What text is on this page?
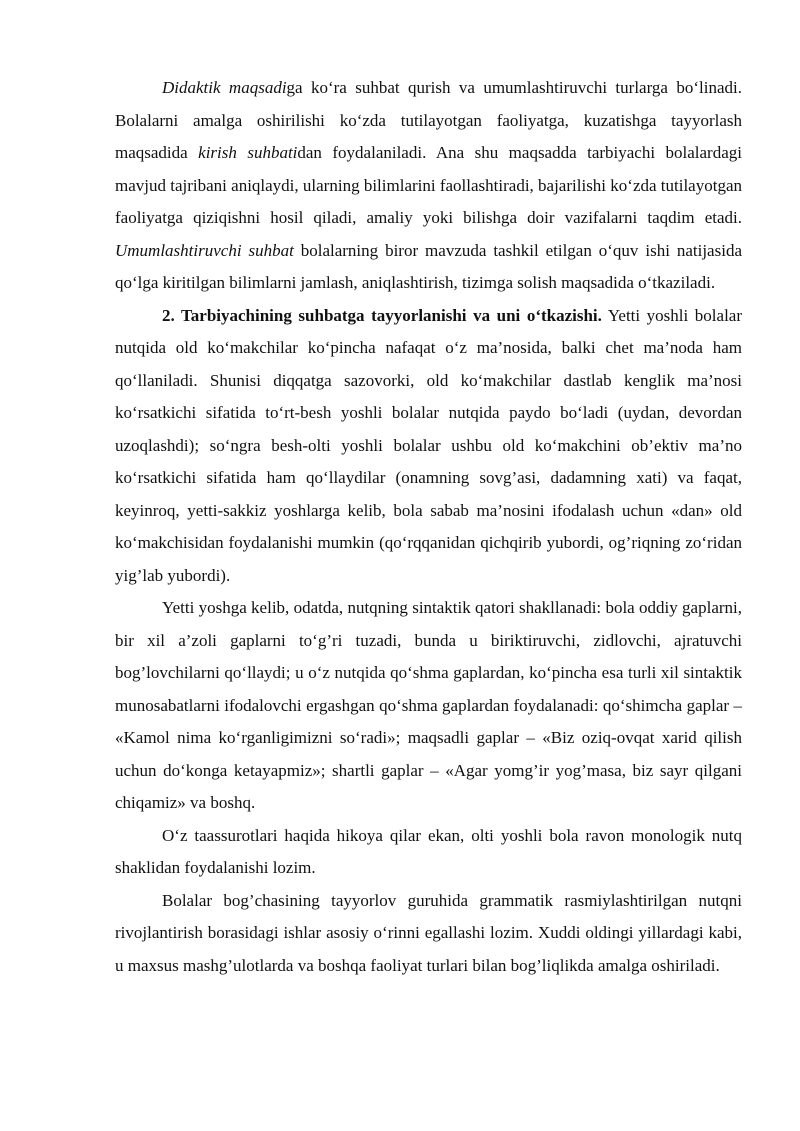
Didaktik maqsadiga ko‘ra suhbat qurish va umumlashtiruvchi turlarga bo‘linadi. Bolalarni amalga oshirilishi ko‘zda tutilayotgan faoliyatga, kuzatishga tayyorlash maqsadida kirish suhbatidan foydalaniladi. Ana shu maqsadda tarbiyachi bolalardagi mavjud tajribani aniqlaydi, ularning bilimlarini faollashtiradi, bajarilishi ko‘zda tutilayotgan faoliyatga qiziqishni hosil qiladi, amaliy yoki bilishga doir vazifalarni taqdim etadi. Umumlashtiruvchi suhbat bolalarning biror mavzuda tashkil etilgan o‘quv ishi natijasida qo‘lga kiritilgan bilimlarni jamlash, aniqlashtirish, tizimga solish maqsadida o‘tkaziladi.

2. Tarbiyachining suhbatga tayyorlanishi va uni o‘tkazishi. Yetti yoshli bolalar nutqida old ko‘makchilar ko‘pincha nafaqat o‘z ma’nosida, balki chet ma’noda ham qo‘llaniladi. Shunisi diqqatga sazovorki, old ko‘makchilar dastlab kenglik ma’nosi ko‘rsatkichi sifatida to‘rt-besh yoshli bolalar nutqida paydo bo‘ladi (uydan, devordan uzoqlashdi); so‘ngra besh-olti yoshli bolalar ushbu old ko‘makchini ob’ektiv ma’no ko‘rsatkichi sifatida ham qo‘llaydilar (onamning sovg’asi, dadamning xati) va faqat, keyinroq, yetti-sakkiz yoshlarga kelib, bola sabab ma’nosini ifodalash uchun «dan» old ko‘makchisidan foydalanishi mumkin (qo‘rqqanidan qichqirib yubordi, og’riqning zo‘ridan yig’lab yubordi).

Yetti yoshga kelib, odatda, nutqning sintaktik qatori shakllanadi: bola oddiy gaplarni, bir xil a’zoli gaplarni to‘g’ri tuzadi, bunda u biriktiruvchi, zidlovchi, ajratuvchi bog’lovchilarni qo‘llaydi; u o‘z nutqida qo‘shma gaplardan, ko‘pincha esa turli xil sintaktik munosabatlarni ifodalovchi ergashgan qo‘shma gaplardan foydalanadi: qo‘shimcha gaplar – «Kamol nima ko‘rganligimizni so‘radi»; maqsadli gaplar – «Biz oziq-ovqat xarid qilish uchun do‘konga ketayapmiz»; shartli gaplar – «Agar yomg’ir yog’masa, biz sayr qilgani chiqamiz» va boshq.

O‘z taassurotlari haqida hikoya qilar ekan, olti yoshli bola ravon monologik nutq shaklidan foydalanishi lozim.

Bolalar bog’chasining tayyorlov guruhida grammatik rasmiylashtirilgan nutqni rivojlantirish borasidagi ishlar asosiy o‘rinni egallashi lozim. Xuddi oldingi yillardagi kabi, u maxsus mashg’ulotlarda va boshqa faoliyat turlari bilan bog’liqlikda amalga oshiriladi.
